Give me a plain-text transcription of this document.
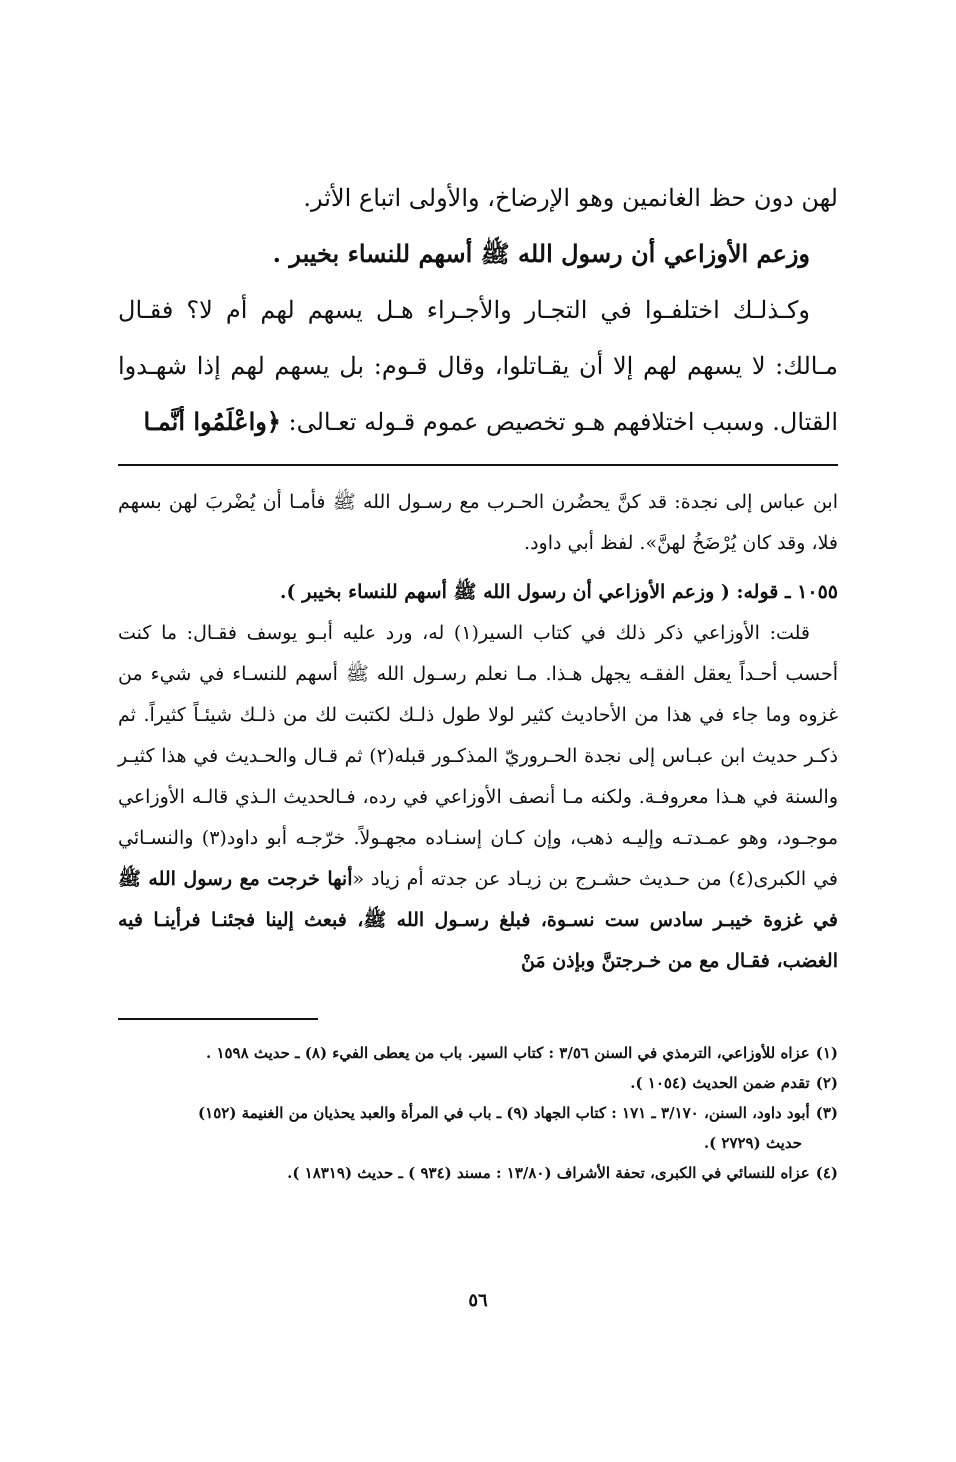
لهن دون حظ الغانمين وهو الإرضاخ، والأولى اتباع الأثر.

وزعم الأوزاعي أن رسول الله ﷺ أسهم للنساء بخيبر .

وكـذلـك اختلفـوا في التجـار والأجـراء هـل يسهم لهم أم لا؟ فقـال مـالك: لا يسهم لهم إلا أن يقـاتلوا، وقال قـوم: بل يسهم لهم إذا شهـدوا القتال. وسبب اختلافهم هـو تخصيص عموم قـوله تعـالى: ﴿واعْلَمُوا أنَّمـا

ابن عباس إلى نجدة: قد كنَّ يحضُرن الحـرب مع رسـول الله ﷺ فأمـا أن يُضْربَ لهن بسهم فلا، وقد كان يُرْضَخُ لهنَّ». لفظ أبي داود.

١٠٥٥ ـ قوله: ( وزعم الأوزاعي أن رسول الله ﷺ أسهم للنساء بخيبر ).

قلت: الأوزاعي ذكر ذلك في كتاب السير(١) له، ورد عليه أبـو يوسف فقـال: ما كنت أحسب أحـداً يعقل الفقـه يجهل هـذا. مـا نعلم رسـول الله ﷺ أسهم للنسـاء في شيء من غزوه وما جاء في هذا من الأحاديث كثير لولا طول ذلـك لكتبت لك من ذلـك شيئـاً كثيراً. ثم ذكـر حديث ابن عبـاس إلى نجدة الحـروريّ المذكـور قبله(٢) ثم قـال والحـديث في هذا كثيـر والسنة في هـذا معروفـة. ولكنه مـا أنصف الأوزاعي في رده، فـالحديث الـذي قالـه الأوزاعي موجـود، وهو عمـدتـه وإليـه ذهب، وإن كـان إسنـاده مجهـولاً. خرّجـه أبو داود(٣) والنسـائي في الكبرى(٤) من حـديث حشـرج بن زيـاد عن جدته أم زياد «أنها خرجت مع رسول الله ﷺ في غزوة خيبـر سادس ست نسـوة، فبلغ رسـول الله ﷺ، فبعث إلينا فجئنـا فرأينـا فيه الغضب، فقـال مع من خـرجتنَّ وبإذن مَنْ

(١)عزاه للأوزاعي، الترمذي في السنن ٣/٥٦ : كتاب السير. باب من يعطى الفيء (٨) ـ حديث ١٥٩٨ .
(٢)تقدم ضمن الحديث (١٠٥٤ ).
(٣)أبود داود، السنن، ٣/١٧٠ ـ ١٧١ : كتاب الجهاد (٩) ـ باب في المرأة والعبد يحذيان من الغنيمة (١٥٢)
حديث (٢٧٢٩ ).
(٤)عزاه للنسائي في الكبرى، تحفة الأشراف (١٣/٨٠ : مسند (٩٣٤ ) ـ حديث (١٨٣١٩ ).
٥٦
